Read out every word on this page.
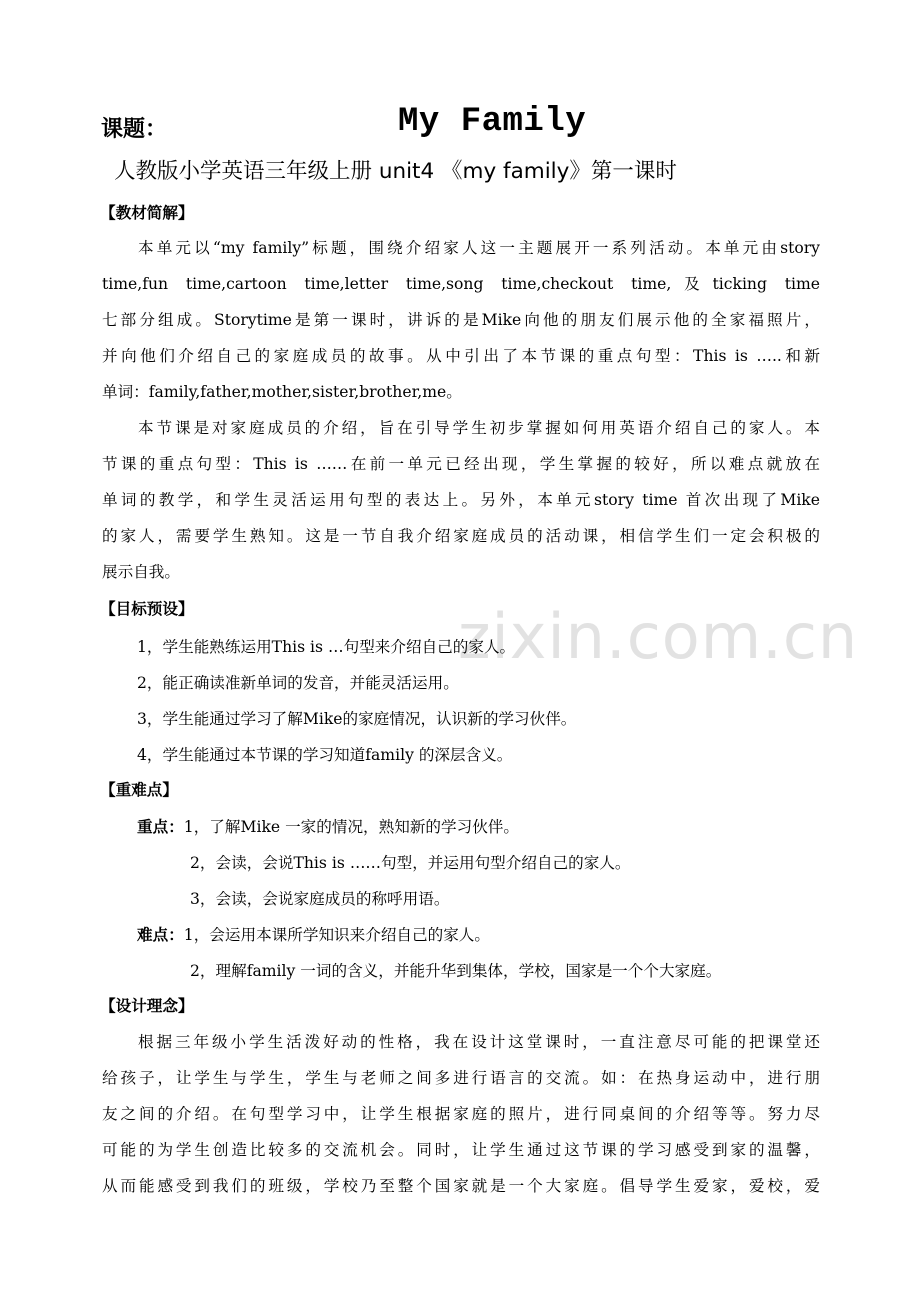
zixin.com.cn
课题：	My Family
人教版小学英语三年级上册 unit4 《my family》第一课时
【教材简解】
本单元以“my family”标题，围绕介绍家人这一主题展开一系列活动。本单元由story
time,fun time,cartoon time,letter time,song time,checkout time,及ticking time
七部分组成。Storytime是第一课时，讲诉的是Mike向他的朋友们展示他的全家福照片，
并向他们介绍自己的家庭成员的故事。从中引出了本节课的重点句型：This is …..和新
单词：family,father,mother,sister,brother,me。
本节课是对家庭成员的介绍，旨在引导学生初步掌握如何用英语介绍自己的家人。本
节课的重点句型：This is ……在前一单元已经出现，学生掌握的较好，所以难点就放在
单词的教学，和学生灵活运用句型的表达上。另外，本单元story time 首次出现了Mike
的家人，需要学生熟知。这是一节自我介绍家庭成员的活动课，相信学生们一定会积极的
展示自我。
【目标预设】
1，学生能熟练运用This is …句型来介绍自己的家人。
2，能正确读准新单词的发音，并能灵活运用。
3，学生能通过学习了解Mike的家庭情况，认识新的学习伙伴。
4，学生能通过本节课的学习知道family 的深层含义。
【重难点】
重点：1，了解Mike 一家的情况，熟知新的学习伙伴。
2，会读，会说This is ……句型，并运用句型介绍自己的家人。
3，会读，会说家庭成员的称呼用语。
难点：1，会运用本课所学知识来介绍自己的家人。
2，理解family 一词的含义，并能升华到集体，学校，国家是一个个大家庭。
【设计理念】
根据三年级小学生活泼好动的性格，我在设计这堂课时，一直注意尽可能的把课堂还
给孩子，让学生与学生，学生与老师之间多进行语言的交流。如：在热身运动中，进行朋
友之间的介绍。在句型学习中，让学生根据家庭的照片，进行同桌间的介绍等等。努力尽
可能的为学生创造比较多的交流机会。同时，让学生通过这节课的学习感受到家的温馨，
从而能感受到我们的班级，学校乃至整个国家就是一个大家庭。倡导学生爱家，爱校，爱
